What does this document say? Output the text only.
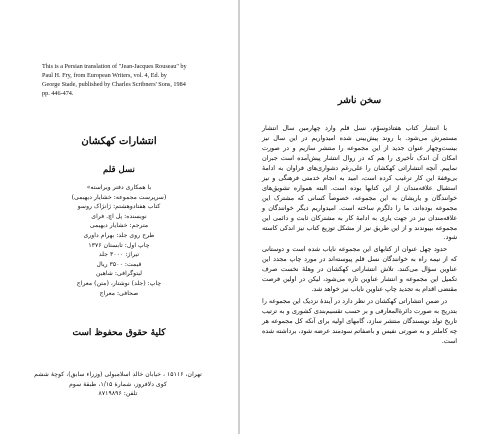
This is a Persian translation of "Jean-Jacques Rouseau" by
Paul H. Fry, from European Writers, vol. 4, Ed. by
George Stade, published by Charles Scribners' Sons, 1984
pp. 446-474.
انتشارات کهکشان
نسل قلم
با همکاری دفتر ویراسته»
(سرپرست مجموعه: خشایار دیهیمی)
کتاب هفتادوهشتم: ژانژاک روسو
نویسنده: پل اچ. فرای
مترجم: خشایار دیهیمی
طرح روی جلد: بهرام داوری
چاپ اول: تابستان ۱۳۷۶
تیراژ: ۳۰۰۰ جلد
قیمت: ۳۵۰۰ ریال
لیتوگرافی: شاهین
چاپ: (جلد) نوشتار، (متن) معراج
صحافی: معراج
کلیهٔ حقوق محفوظ است
تهران، ۱۵۱۱۶ ، خیابان خالد اسلامبولی (وزراء سابق)، کوچهٔ ششم
کوی دلافروز، شمارهٔ ۱/۱۵، طبقهٔ سوم
تلفن: ۸۷۱۹۸۹۶
سخن ناشر

با انتشار کتاب هفتادوسوّم، نسل قلم وارد چهارمین سال انتشار مستمرش می‌شود. با روند پیش‌بینی شده امیدواریم در این سال نیز بیست‌وچهار عنوان جدید از این مجموعه را منتشر سازیم و در صورت امکان آن اندک تأخیری را هم که در روال انتشار پیش‌آمده است جبران نماییم. آنچه انتشاراتی کهکشان را علی‌رغم دشواری‌های فراوان به ادامهٔ بی‌وقفهٔ این کار ترغیب کرده است، امید به انجام خدمتی فرهنگی و نیز استقبال علاقه‌مندان از این کتابها بوده است. البته همواره تشویق‌های خوانندگان و یاریشان به این مجموعه، خصوصاً کسانی که مشترک این مجموعه بوده‌اند، ما را دلگرم ساخته است. امیدواریم دیگر خوانندگان و علاقه‌مندان نیز در جهت یاری به ادامهٔ کار به مشترکان ثابت و دائمی این مجموعه بپیوندند و از این طریق نیز از مشکل توزیع کتاب نیز اندکی کاسته شود.

حدود چهل عنوان از کتابهای این مجموعه نایاب شده است و دوستانی که از نیمه راه به خوانندگان نسل قلم پیوسته‌اند در مورد چاپ مجدد این عناوین سؤال می‌کنند. تلاش انتشاراتی کهکشان در وهلهٔ نخست صرف تکمیل این مجموعه و انتشار عناوین تازه می‌شود، لیکن در اولین فرصت مقتضی اقدام به تجدید چاپ عناوین نایاب نیز خواهد شد.

در ضمن انتشاراتی کهکشان در نظر دارد در آیندهٔ نزدیک این مجموعه را بتدریج به صورت دائرةالمعارفی و بر حسب تقسیم‌بندی کشوری و به ترتیب تاریخ تولد نویسندگان منتشر سازد، گامهای اولیه برای آنکه کل مجموعه هر چه کاملتر و به صورتی نفیس و باصفا‌تم سودمند عرضه شود، برداشته شده است.
